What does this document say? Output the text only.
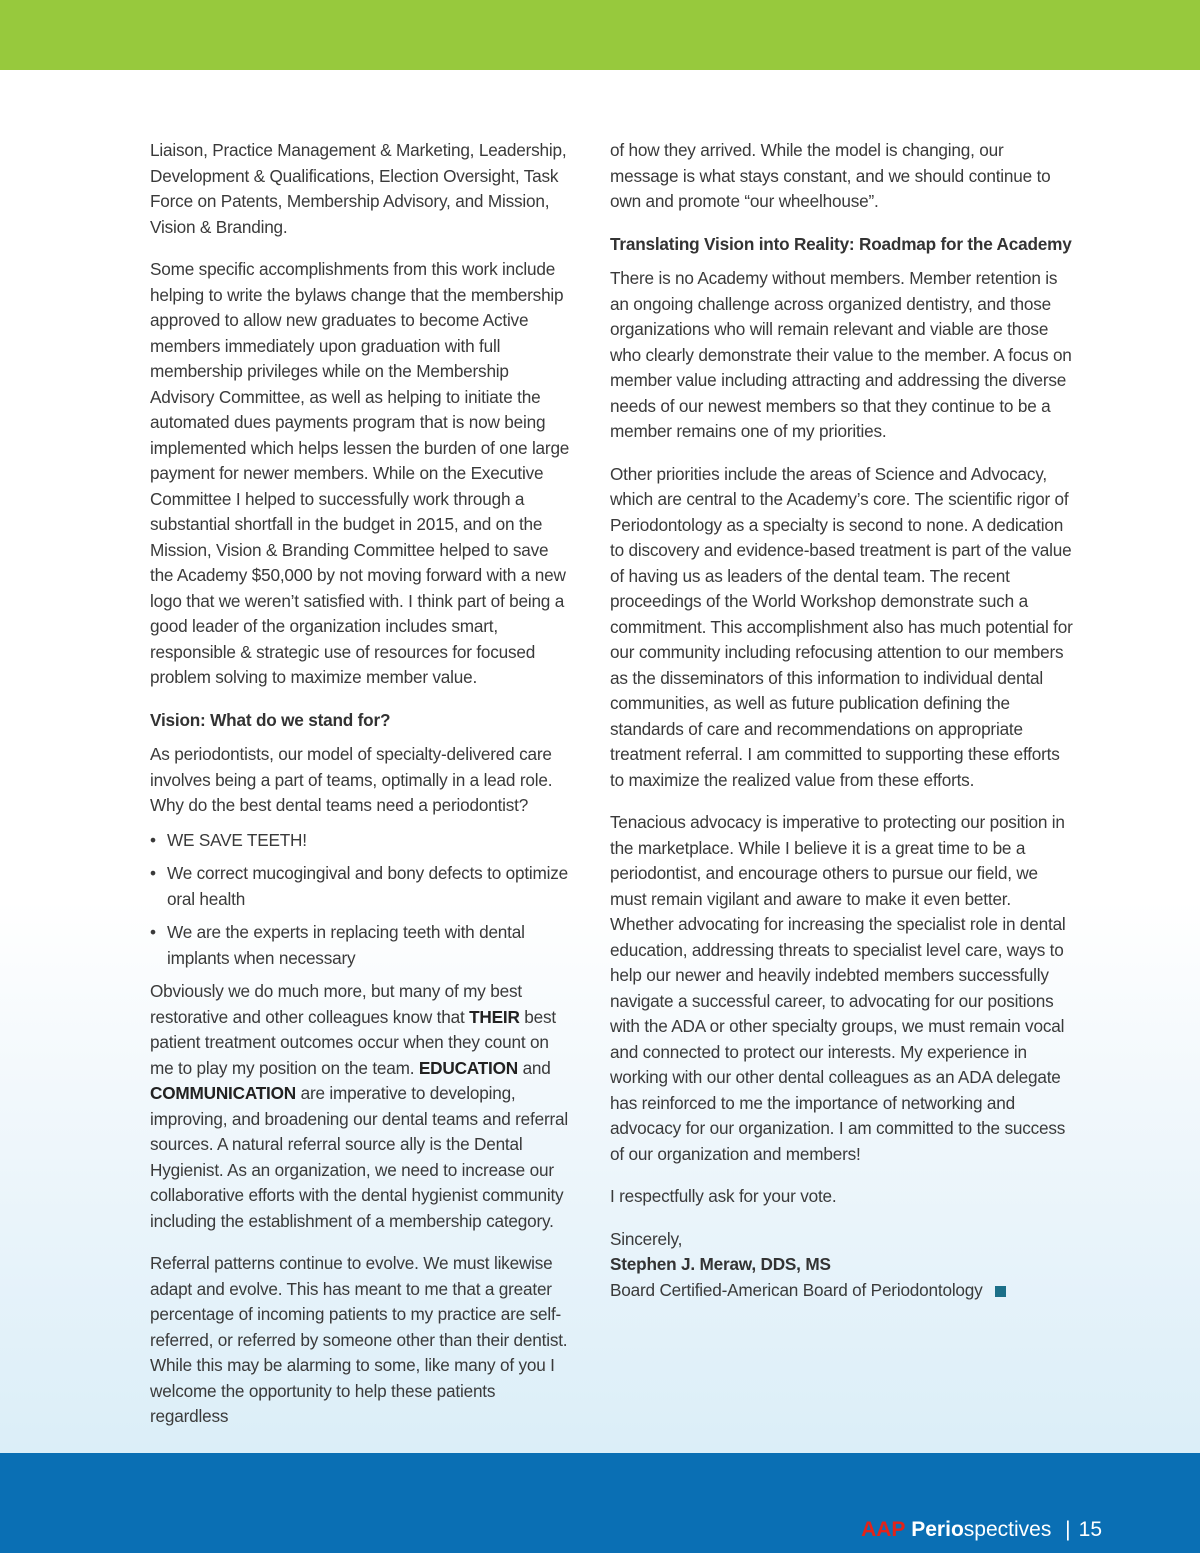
Liaison, Practice Management & Marketing, Leadership, Development & Qualifications, Election Oversight, Task Force on Patents, Membership Advisory, and Mission, Vision & Branding.

Some specific accomplishments from this work include helping to write the bylaws change that the membership approved to allow new graduates to become Active members immediately upon graduation with full membership privileges while on the Membership Advisory Committee, as well as helping to initiate the automated dues payments program that is now being implemented which helps lessen the burden of one large payment for newer members. While on the Executive Committee I helped to successfully work through a substantial shortfall in the budget in 2015, and on the Mission, Vision & Branding Committee helped to save the Academy $50,000 by not moving forward with a new logo that we weren’t satisfied with. I think part of being a good leader of the organization includes smart, responsible & strategic use of resources for focused problem solving to maximize member value.

Vision: What do we stand for?

As periodontists, our model of specialty-delivered care involves being a part of teams, optimally in a lead role. Why do the best dental teams need a periodontist?

• WE SAVE TEETH!
• We correct mucogingival and bony defects to optimize oral health
• We are the experts in replacing teeth with dental implants when necessary

Obviously we do much more, but many of my best restorative and other colleagues know that THEIR best patient treatment outcomes occur when they count on me to play my position on the team. EDUCATION and COMMUNICATION are imperative to developing, improving, and broadening our dental teams and referral sources. A natural referral source ally is the Dental Hygienist. As an organization, we need to increase our collaborative efforts with the dental hygienist community including the establishment of a membership category.

Referral patterns continue to evolve. We must likewise adapt and evolve. This has meant to me that a greater percentage of incoming patients to my practice are self-referred, or referred by someone other than their dentist. While this may be alarming to some, like many of you I welcome the opportunity to help these patients regardless

of how they arrived. While the model is changing, our message is what stays constant, and we should continue to own and promote “our wheelhouse”.

Translating Vision into Reality: Roadmap for the Academy

There is no Academy without members. Member retention is an ongoing challenge across organized dentistry, and those organizations who will remain relevant and viable are those who clearly demonstrate their value to the member. A focus on member value including attracting and addressing the diverse needs of our newest members so that they continue to be a member remains one of my priorities.

Other priorities include the areas of Science and Advocacy, which are central to the Academy’s core. The scientific rigor of Periodontology as a specialty is second to none. A dedication to discovery and evidence-based treatment is part of the value of having us as leaders of the dental team. The recent proceedings of the World Workshop demonstrate such a commitment. This accomplishment also has much potential for our community including refocusing attention to our members as the disseminators of this information to individual dental communities, as well as future publication defining the standards of care and recommendations on appropriate treatment referral. I am committed to supporting these efforts to maximize the realized value from these efforts.

Tenacious advocacy is imperative to protecting our position in the marketplace. While I believe it is a great time to be a periodontist, and encourage others to pursue our field, we must remain vigilant and aware to make it even better. Whether advocating for increasing the specialist role in dental education, addressing threats to specialist level care, ways to help our newer and heavily indebted members successfully navigate a successful career, to advocating for our positions with the ADA or other specialty groups, we must remain vocal and connected to protect our interests. My experience in working with our other dental colleagues as an ADA delegate has reinforced to me the importance of networking and advocacy for our organization. I am committed to the success of our organization and members!

I respectfully ask for your vote.

Sincerely,

Stephen J. Meraw, DDS, MS

Board Certified-American Board of Periodontology

AAP Periospectives | 15
